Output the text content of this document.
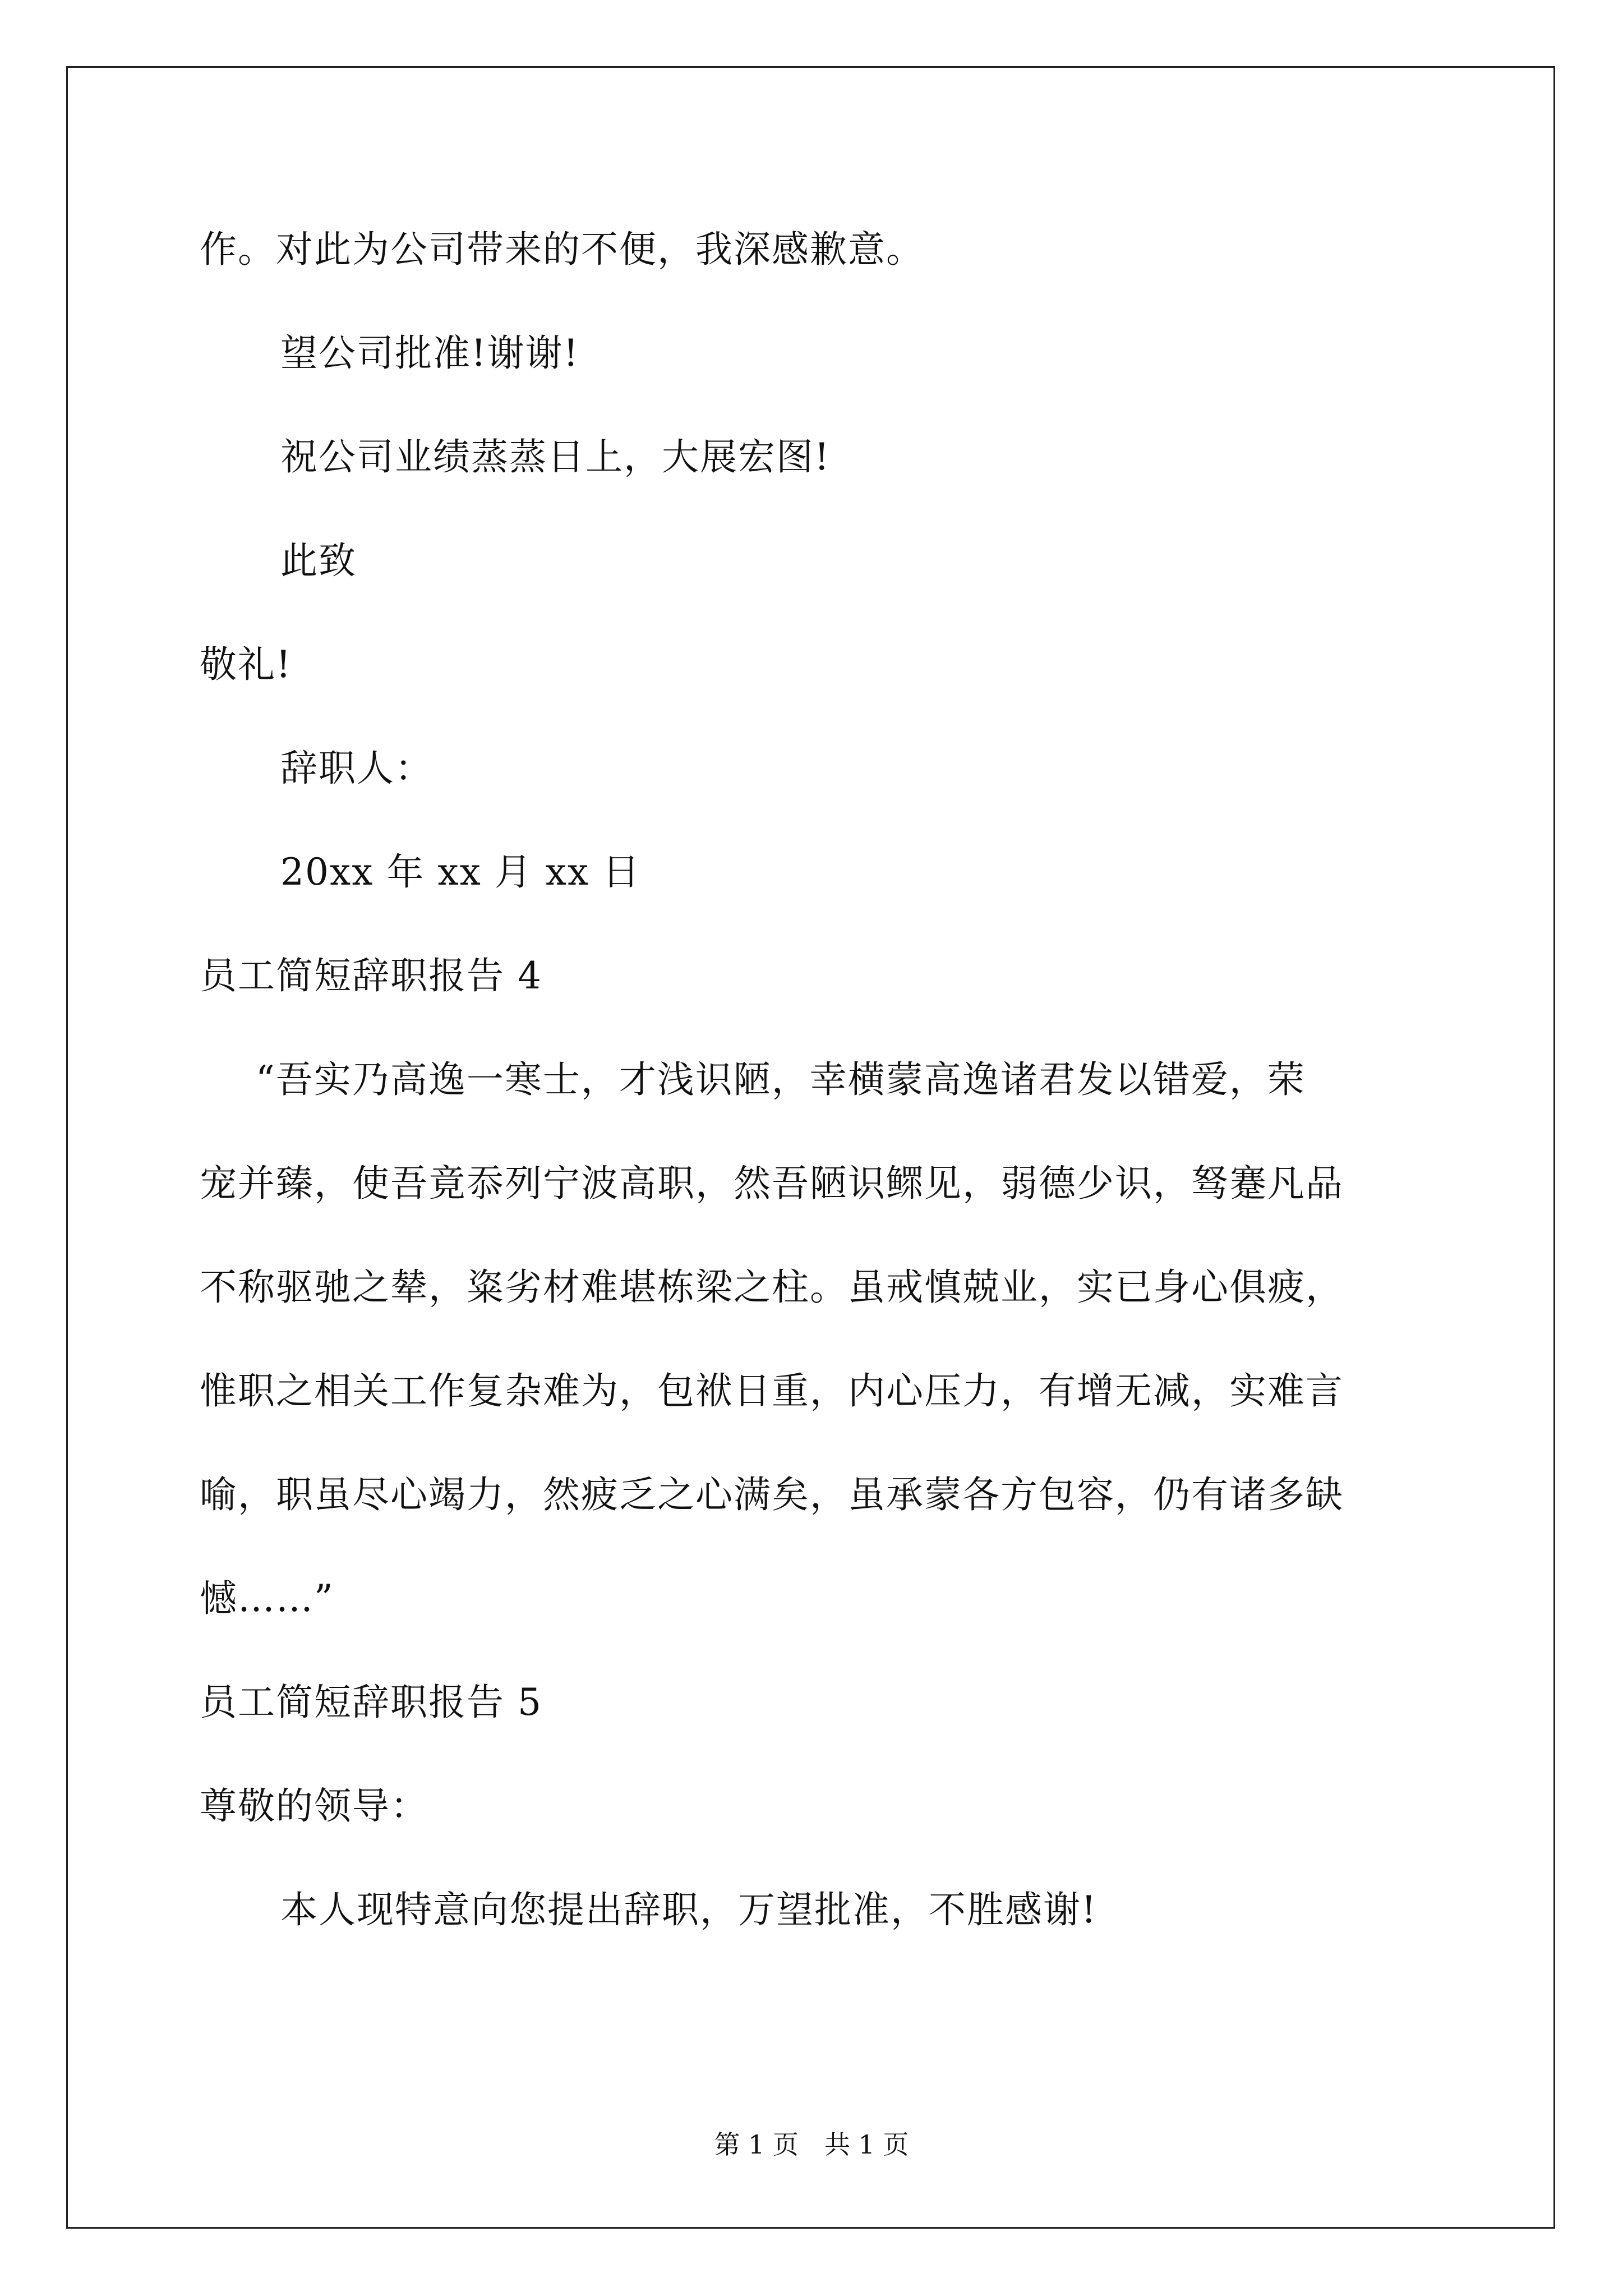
作。对此为公司带来的不便，我深感歉意。
望公司批准!谢谢!
祝公司业绩蒸蒸日上，大展宏图!
此致
敬礼!
辞职人：
20xx 年 xx 月 xx 日
员工简短辞职报告 4
“吾实乃高逸一寒士，才浅识陋，幸横蒙高逸诸君发以错爱，荣
宠并臻，使吾竟忝列宁波高职，然吾陋识鳏见，弱德少识，驽蹇凡品
不称驱驰之辇，粢劣材难堪栋梁之柱。虽戒慎兢业，实已身心俱疲，
惟职之相关工作复杂难为，包袱日重，内心压力，有增无减，实难言
喻，职虽尽心竭力，然疲乏之心满矣，虽承蒙各方包容，仍有诸多缺
憾……”
员工简短辞职报告 5
尊敬的领导：
本人现特意向您提出辞职，万望批准，不胜感谢!
第 1 页　共 1 页
